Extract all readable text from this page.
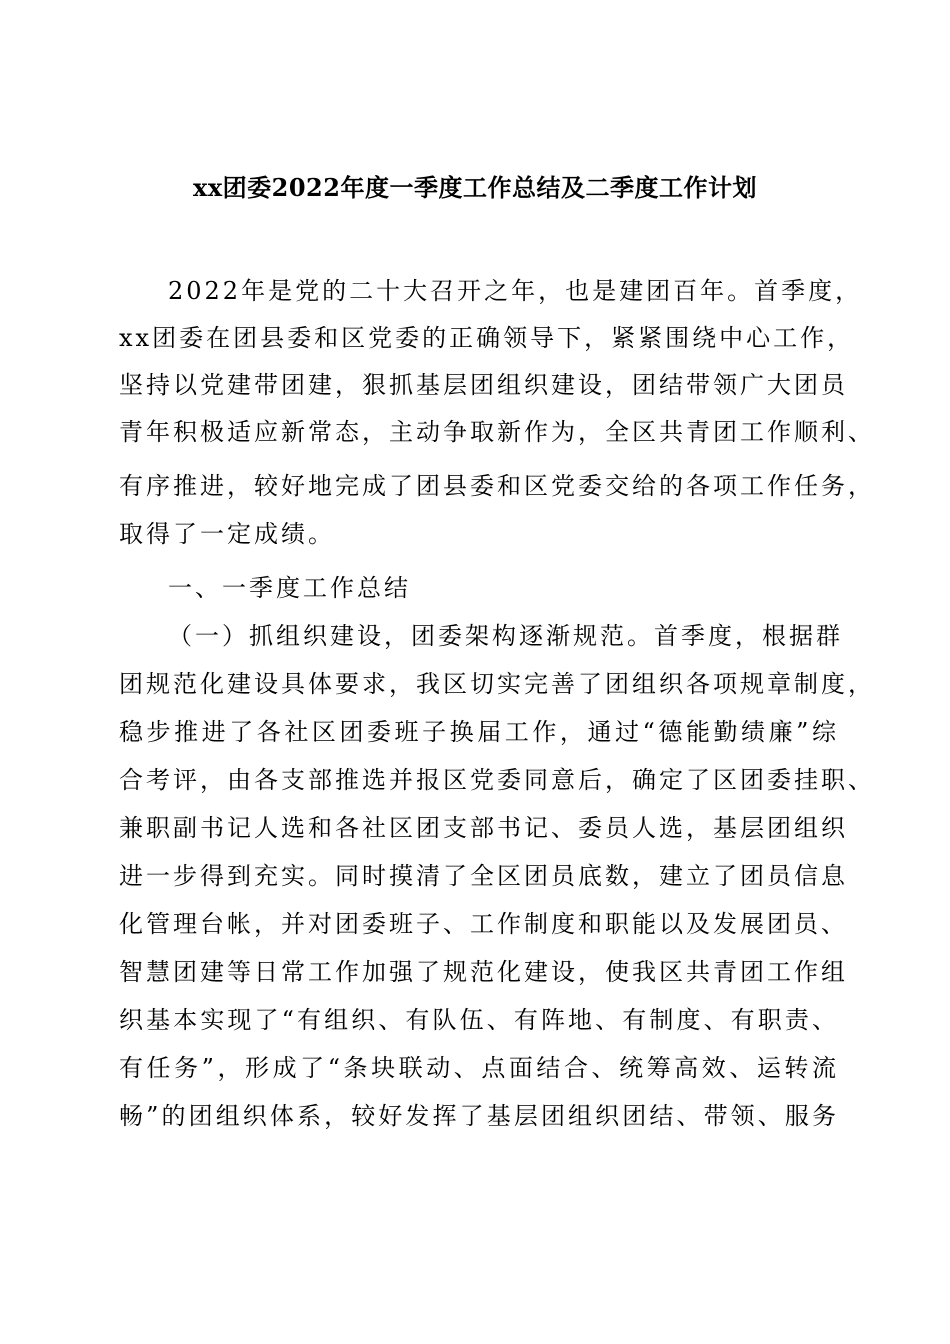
xx团委2022年度一季度工作总结及二季度工作计划
2022年是党的二十大召开之年，也是建团百年。首季度，
xx团委在团县委和区党委的正确领导下，紧紧围绕中心工作，
坚持以党建带团建，狠抓基层团组织建设，团结带领广大团员
青年积极适应新常态，主动争取新作为，全区共青团工作顺利、
有序推进，较好地完成了团县委和区党委交给的各项工作任务，
取得了一定成绩。
一、一季度工作总结
（一）抓组织建设，团委架构逐渐规范。首季度，根据群
团规范化建设具体要求，我区切实完善了团组织各项规章制度，
稳步推进了各社区团委班子换届工作，通过“德能勤绩廉”综
合考评，由各支部推选并报区党委同意后，确定了区团委挂职、
兼职副书记人选和各社区团支部书记、委员人选，基层团组织
进一步得到充实。同时摸清了全区团员底数，建立了团员信息
化管理台帐，并对团委班子、工作制度和职能以及发展团员、
智慧团建等日常工作加强了规范化建设，使我区共青团工作组
织基本实现了“有组织、有队伍、有阵地、有制度、有职责、
有任务”，形成了“条块联动、点面结合、统筹高效、运转流
畅”的团组织体系，较好发挥了基层团组织团结、带领、服务
